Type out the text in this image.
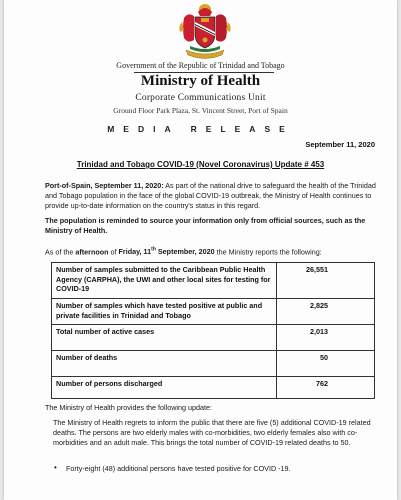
Government of the Republic of Trinidad and Tobago
Ministry of Health
Corporate Communications Unit
Ground Floor Park Plaza, St. Vincent Street, Port of Spain
MEDIA RELEASE
September 11, 2020
Trinidad and Tobago COVID-19 (Novel Coronavirus) Update # 453
Port-of-Spain, September 11, 2020: As part of the national drive to safeguard the health of the Trinidad and Tobago population in the face of the global COVID-19 outbreak, the Ministry of Health continues to provide up-to-date information on the country's status in this regard.
The population is reminded to source your information only from official sources, such as the Ministry of Health.
As of the afternoon of Friday, 11th September, 2020 the Ministry reports the following:
Number of samples submitted to the Caribbean Public Health Agency (CARPHA), the UWI and other local sites for testing for COVID-19	26,551
Number of samples which have tested positive at public and private facilities in Trinidad and Tobago	2,825
Total number of active cases	2,013
Number of deaths	50
Number of persons discharged	762
The Ministry of Health provides the following update:
The Ministry of Health regrets to inform the public that there are five (5) additional COVID-19 related deaths. The persons are two elderly males with co-morbidities, two elderly females also with co-morbidities and an adult male. This brings the total number of COVID-19 related deaths to 50.
• Forty-eight (48) additional persons have tested positive for COVID -19.
